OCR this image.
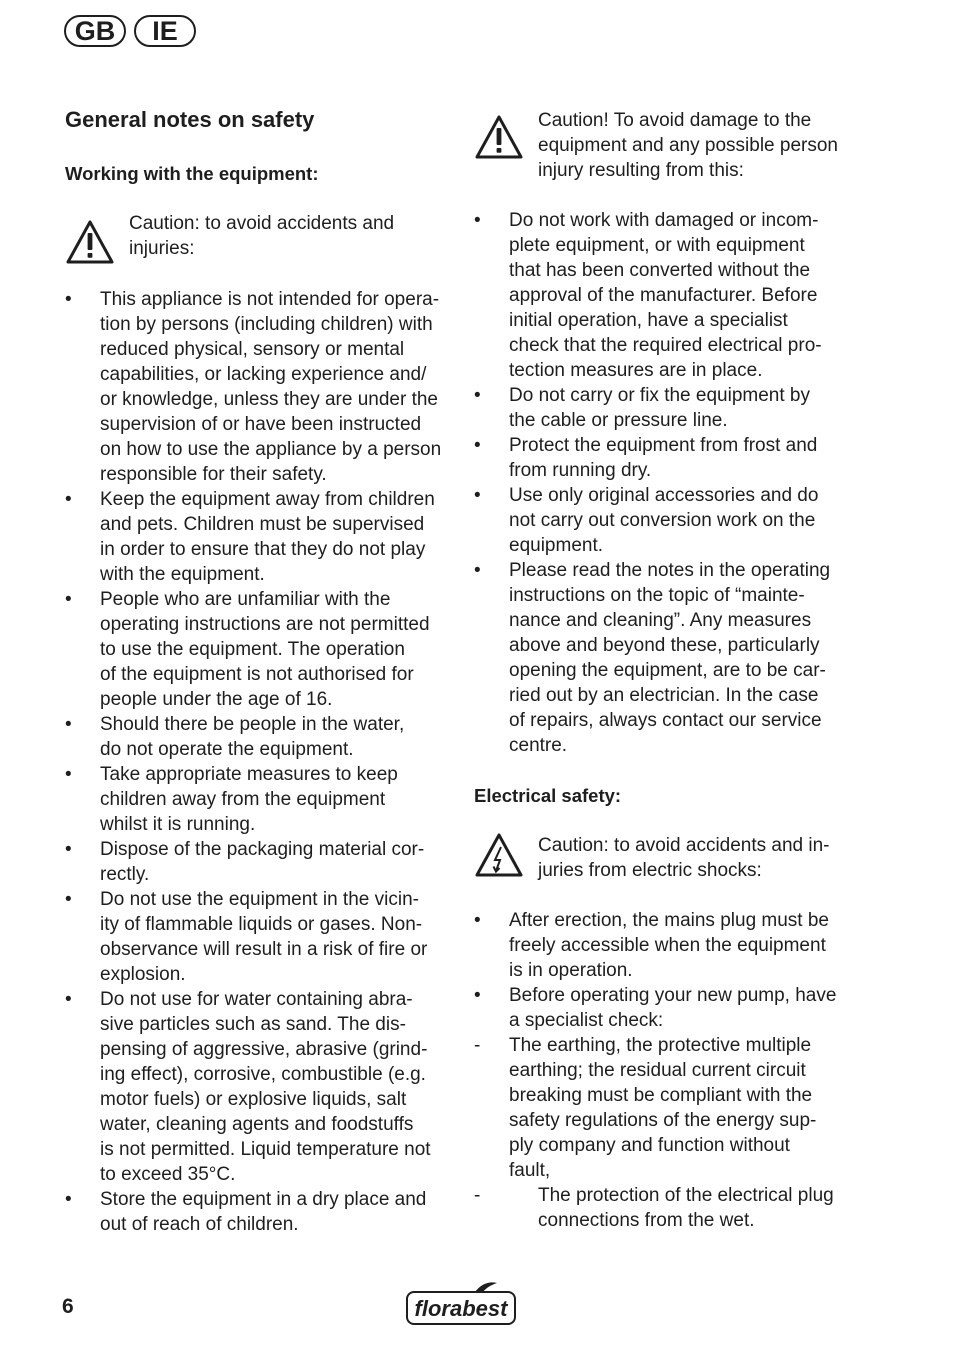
GB	IE
General notes on safety
Working with the equipment:
Caution: to avoid accidents and
injuries:
• This appliance is not intended for opera-
tion by persons (including children) with
reduced physical, sensory or mental
capabilities, or lacking experience and/
or knowledge, unless they are under the
supervision of or have been instructed
on how to use the appliance by a person
responsible for their safety.
• Keep the equipment away from children
and pets. Children must be supervised
in order to ensure that they do not play
with the equipment.
• People who are unfamiliar with the
operating instructions are not permitted
to use the equipment. The operation
of the equipment is not authorised for
people under the age of 16.
• Should there be people in the water,
do not operate the equipment.
• Take appropriate measures to keep
children away from the equipment
whilst it is running.
• Dispose of the packaging material cor-
rectly.
• Do not use the equipment in the vicin-
ity of flammable liquids or gases. Non-
observance will result in a risk of fire or
explosion.
• Do not use for water containing abra-
sive particles such as sand. The dis-
pensing of aggressive, abrasive (grind-
ing effect), corrosive, combustible (e.g.
motor fuels) or explosive liquids, salt
water, cleaning agents and foodstuffs
is not permitted. Liquid temperature not
to exceed 35°C.
• Store the equipment in a dry place and
out of reach of children.
Caution! To avoid damage to the
equipment and any possible person
injury resulting from this:
• Do not work with damaged or incom-
plete equipment, or with equipment
that has been converted without the
approval of the manufacturer. Before
initial operation, have a specialist
check that the required electrical pro-
tection measures are in place.
• Do not carry or fix the equipment by
the cable or pressure line.
• Protect the equipment from frost and
from running dry.
• Use only original accessories and do
not carry out conversion work on the
equipment.
• Please read the notes in the operating
instructions on the topic of “mainte-
nance and cleaning”. Any measures
above and beyond these, particularly
opening the equipment, are to be car-
ried out by an electrician. In the case
of repairs, always contact our service
centre.
Electrical safety:
Caution: to avoid accidents and in-
juries from electric shocks:
• After erection, the mains plug must be
freely accessible when the equipment
is in operation.
• Before operating your new pump, have
a specialist check:
- The earthing, the protective multiple
earthing; the residual current circuit
breaking must be compliant with the
safety regulations of the energy sup-
ply company and function without
fault,
-	The protection of the electrical plug
connections from the wet.
6	florabest
